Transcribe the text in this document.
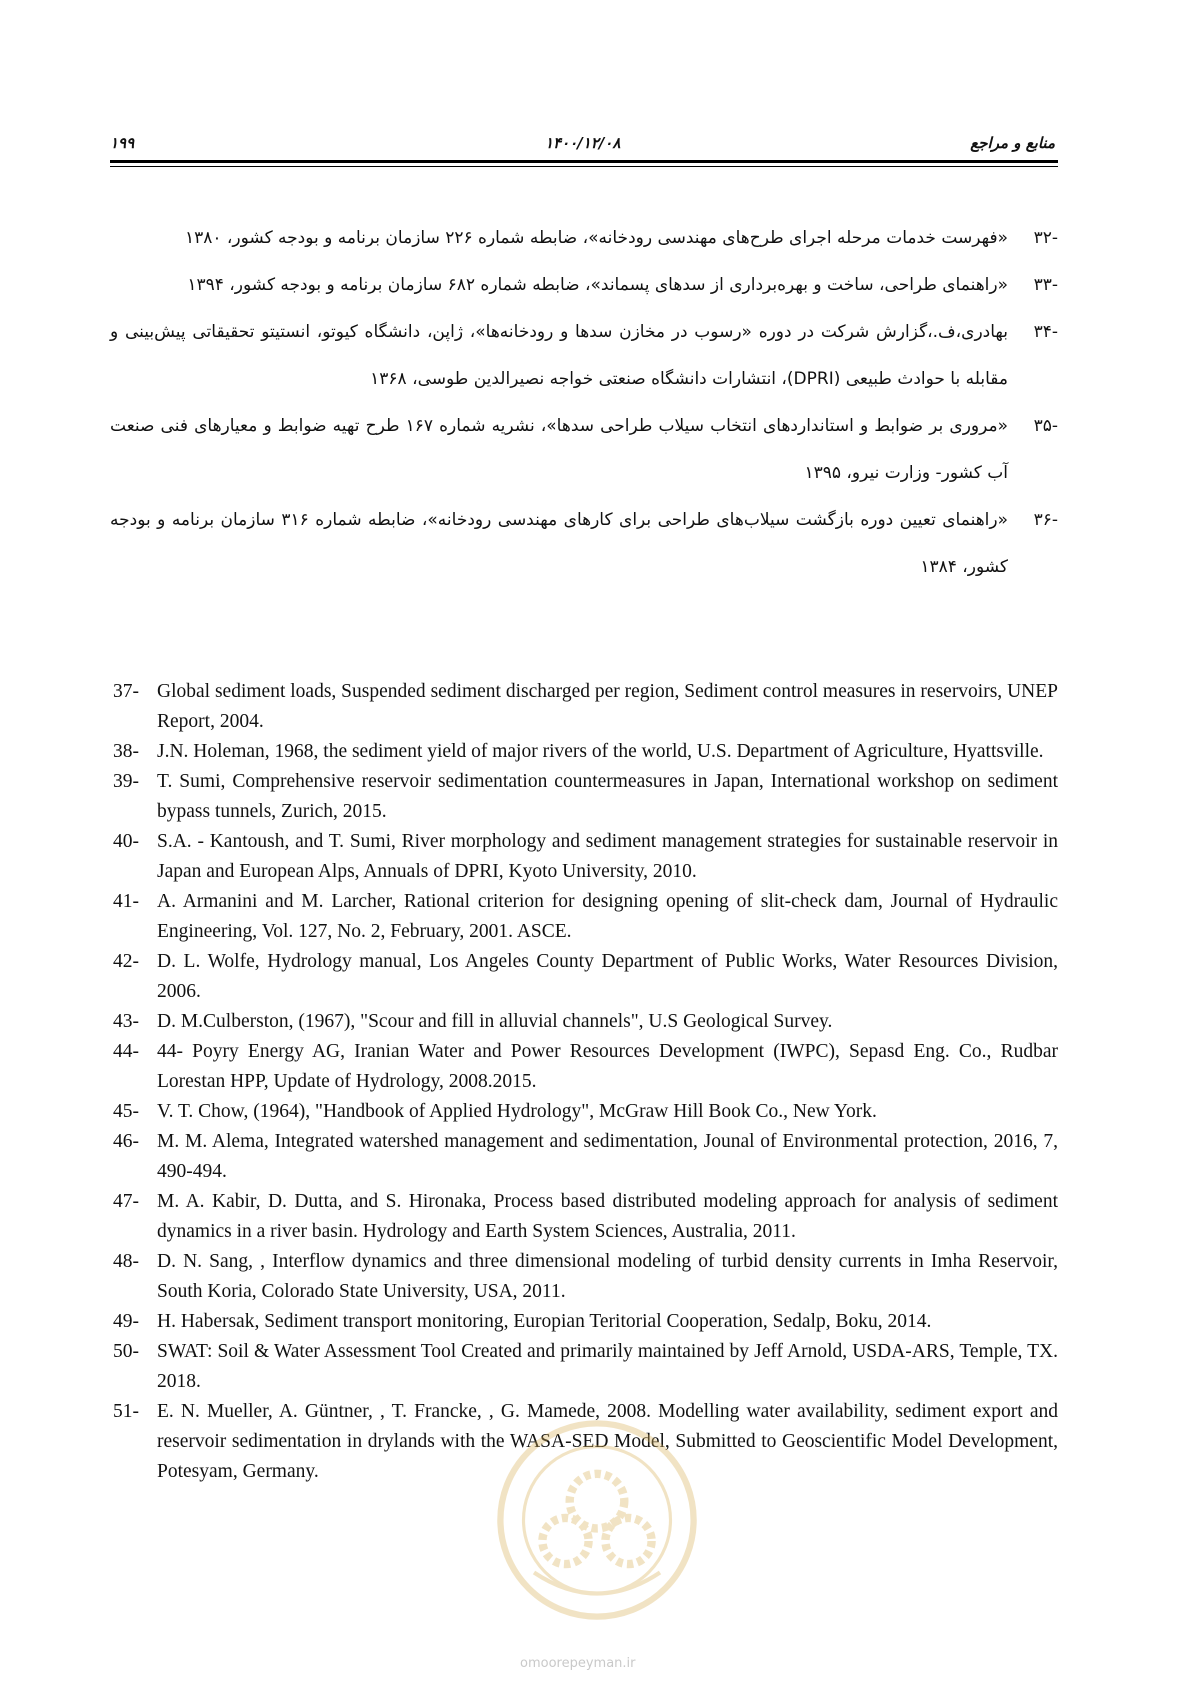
۱۹۹	۱۴۰۰/۱۲/۰۸	منابع و مراجع
-۳۲
«فهرست خدمات مرحله اجرای طرح‌های مهندسی رودخانه»، ضابطه شماره ۲۲۶ سازمان برنامه و بودجه کشور، ۱۳۸۰
-۳۳
«راهنمای طراحی، ساخت و بهره‌برداری از سدهای پسماند»، ضابطه شماره ۶۸۲ سازمان برنامه و بودجه کشور، ۱۳۹۴
-۳۴
بهادری،ف.،گزارش شرکت در دوره «رسوب در مخازن سدها و رودخانه‌ها»، ژاپن، دانشگاه کیوتو، انستیتو تحقیقاتی پیش‌بینی و مقابله با حوادث طبیعی (DPRI)، انتشارات دانشگاه صنعتی خواجه نصیرالدین طوسی، ۱۳۶۸
-۳۵
«مروری بر ضوابط و استانداردهای انتخاب سیلاب طراحی سدها»، نشریه شماره ۱۶۷ طرح تهیه ضوابط و معیارهای فنی صنعت آب کشور- وزارت نیرو، ۱۳۹۵
-۳۶
«راهنمای تعیین دوره بازگشت سیلاب‌های طراحی برای کارهای مهندسی رودخانه»، ضابطه شماره ۳۱۶ سازمان برنامه و بودجه کشور، ۱۳۸۴
37- Global sediment loads, Suspended sediment discharged per region, Sediment control measures in reservoirs, UNEP Report, 2004.
38- J.N. Holeman, 1968, the sediment yield of major rivers of the world, U.S. Department of Agriculture, Hyattsville.
39- T. Sumi, Comprehensive reservoir sedimentation countermeasures in Japan, International workshop on sediment bypass tunnels, Zurich, 2015.
40- S.A. - Kantoush, and T. Sumi, River morphology and sediment management strategies for sustainable reservoir in Japan and European Alps, Annuals of DPRI, Kyoto University, 2010.
41- A. Armanini and M. Larcher, Rational criterion for designing opening of slit-check dam, Journal of Hydraulic Engineering, Vol. 127, No. 2, February, 2001. ASCE.
42- D. L. Wolfe, Hydrology manual, Los Angeles County Department of Public Works, Water Resources Division, 2006.
43- D. M.Culberston, (1967), "Scour and fill in alluvial channels", U.S Geological Survey.
44- 44- Poyry Energy AG, Iranian Water and Power Resources Development (IWPC), Sepasd Eng. Co., Rudbar Lorestan HPP, Update of Hydrology, 2008.2015.
45- V. T. Chow, (1964), "Handbook of Applied Hydrology", McGraw Hill Book Co., New York.
46- M. M. Alema, Integrated watershed management and sedimentation, Jounal of Environmental protection, 2016, 7, 490-494.
47- M. A. Kabir, D. Dutta, and S. Hironaka, Process based distributed modeling approach for analysis of sediment dynamics in a river basin. Hydrology and Earth System Sciences, Australia, 2011.
48- D. N. Sang, , Interflow dynamics and three dimensional modeling of turbid density currents in Imha Reservoir, South Koria, Colorado State University, USA, 2011.
49- H. Habersak, Sediment transport monitoring, Europian Teritorial Cooperation, Sedalp, Boku, 2014.
50- SWAT: Soil & Water Assessment Tool Created and primarily maintained by Jeff Arnold, USDA-ARS, Temple, TX. 2018.
51- E. N. Mueller, A. Güntner, , T. Francke, , G. Mamede, 2008. Modelling water availability, sediment export and reservoir sedimentation in drylands with the WASA-SED Model, Submitted to Geoscientific Model Development, Potesyam, Germany.
omoorepeyman.ir
